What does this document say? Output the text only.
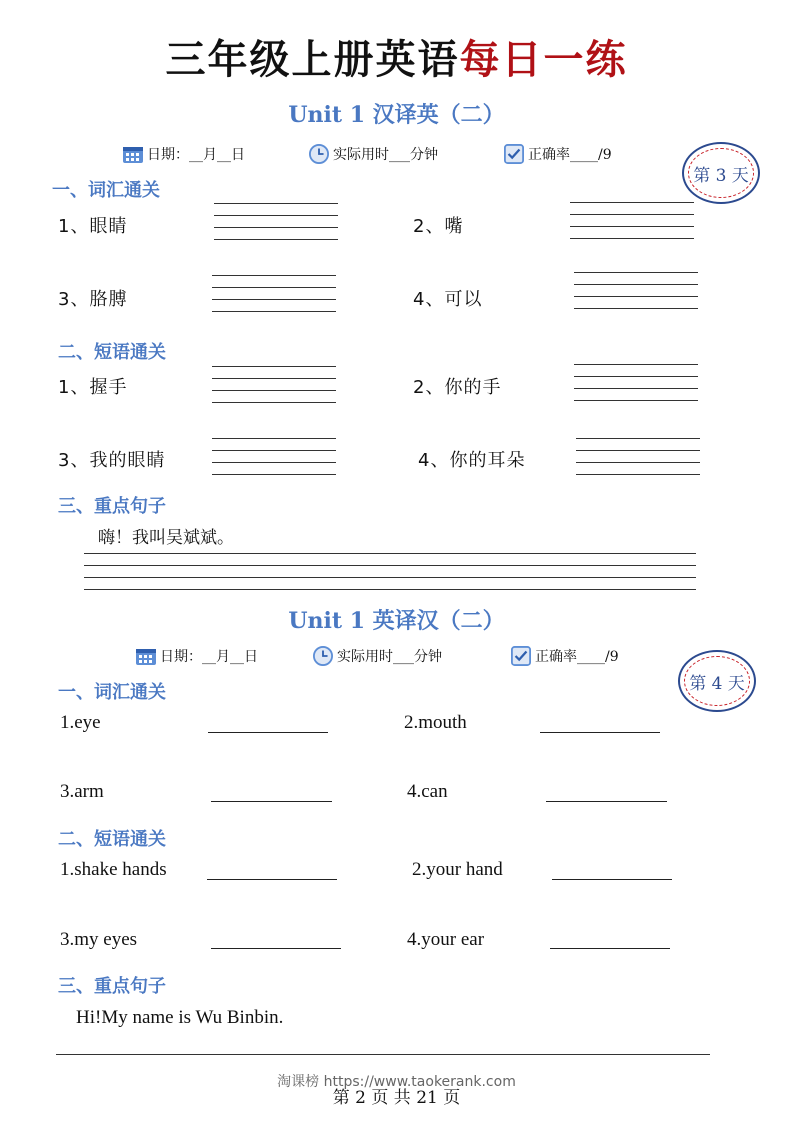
三年级上册英语每日一练
Unit 1 汉译英（二）
日期：__月__日	实际用时___分钟	正确率____/9
第 3 天
一、词汇通关
1、眼睛	2、嘴
3、胳膊	4、可以
二、短语通关
1、握手	2、你的手
3、我的眼睛	4、你的耳朵
三、重点句子
嗨！我叫吴斌斌。
Unit 1 英译汉（二）
日期：__月__日	实际用时___分钟	正确率____/9
第 4 天
一、词汇通关
1.eye	2.mouth
3.arm	4.can
二、短语通关
1.shake hands	2.your hand
3.my eyes	4.your ear
三、重点句子
Hi!My name is Wu Binbin.
淘课榜 https://www.taokerank.com
第 2 页 共 21 页
